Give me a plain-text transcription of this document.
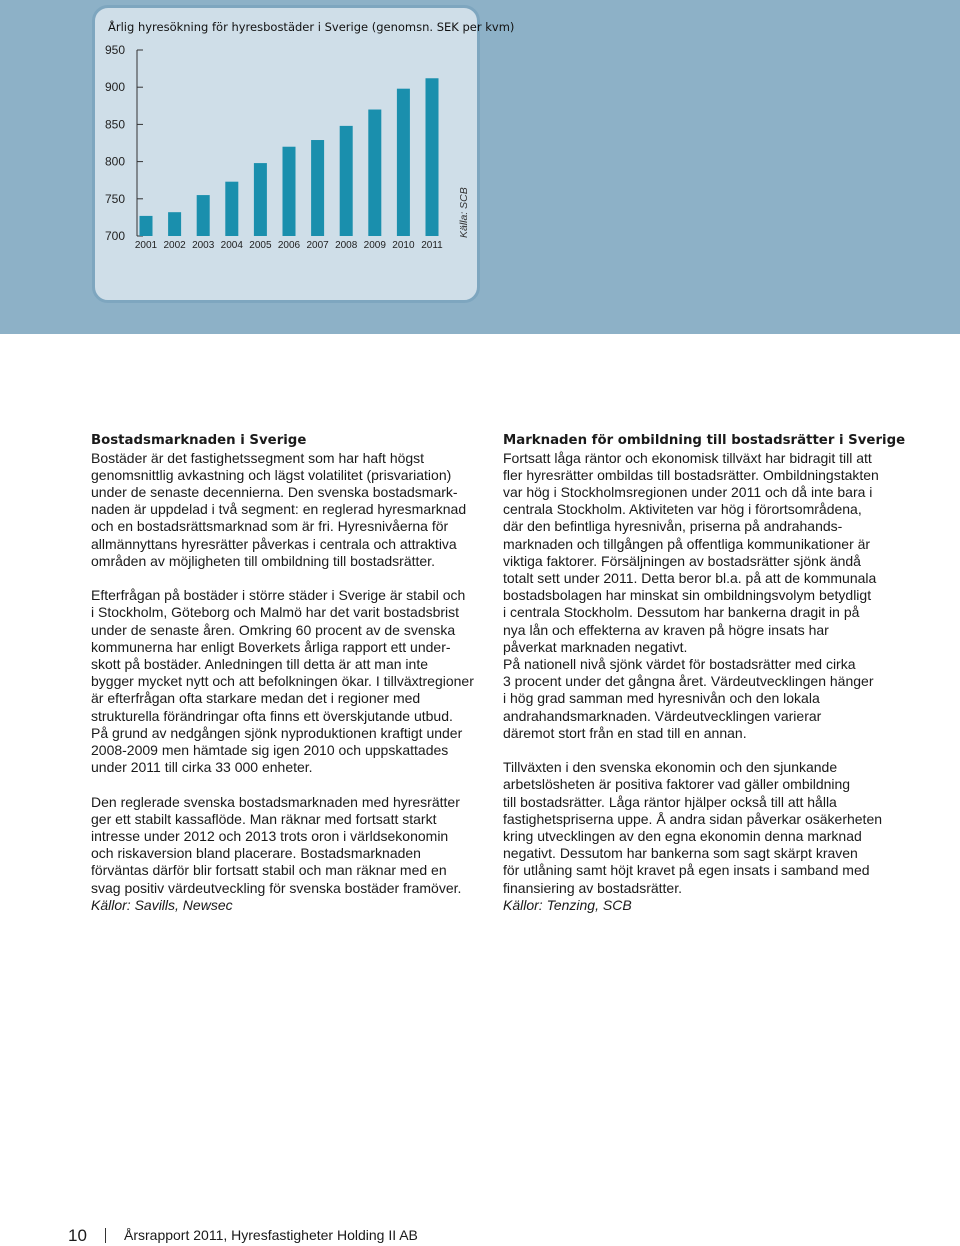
Årlig hyresökning för hyresbostäder i Sverige (genomsn. SEK per kvm)
950
900
850
800
750
700
2001 2002 2003 2004 2005 2006 2007 2008 2009 2010 2011
Källa: SCB
Bostadsmarknaden i Sverige
Bostäder är det fastighetssegment som har haft högst
genomsnittlig avkastning och lägst volatilitet (prisvariation)
under de senaste decennierna. Den svenska bostadsmark-
naden är uppdelad i två segment: en reglerad hyresmarknad
och en bostadsrättsmarknad som är fri. Hyresnivåerna för
allmännyttans hyresrätter påverkas i centrala och attraktiva
områden av möjligheten till ombildning till bostadsrätter.
Efterfrågan på bostäder i större städer i Sverige är stabil och
i Stockholm, Göteborg och Malmö har det varit bostadsbrist
under de senaste åren. Omkring 60 procent av de svenska
kommunerna har enligt Boverkets årliga rapport ett under-
skott på bostäder. Anledningen till detta är att man inte
bygger mycket nytt och att befolkningen ökar. I tillväxtregioner
är efterfrågan ofta starkare medan det i regioner med
strukturella förändringar ofta finns ett överskjutande utbud.
På grund av nedgången sjönk nyproduktionen kraftigt under
2008-2009 men hämtade sig igen 2010 och uppskattades
under 2011 till cirka 33 000 enheter.
Den reglerade svenska bostadsmarknaden med hyresrätter
ger ett stabilt kassaflöde. Man räknar med fortsatt starkt
intresse under 2012 och 2013 trots oron i världsekonomin
och riskaversion bland placerare. Bostadsmarknaden
förväntas därför blir fortsatt stabil och man räknar med en
svag positiv värdeutveckling för svenska bostäder framöver.
Källor: Savills, Newsec
Marknaden för ombildning till bostadsrätter i Sverige
Fortsatt låga räntor och ekonomisk tillväxt har bidragit till att
fler hyresrätter ombildas till bostadsrätter. Ombildningstakten
var hög i Stockholmsregionen under 2011 och då inte bara i
centrala Stockholm. Aktiviteten var hög i förortsområdena,
där den befintliga hyresnivån, priserna på andrahands-
marknaden och tillgången på offentliga kommunikationer är
viktiga faktorer. Försäljningen av bostadsrätter sjönk ändå
totalt sett under 2011. Detta beror bl.a. på att de kommunala
bostadsbolagen har minskat sin ombildningsvolym betydligt
i centrala Stockholm. Dessutom har bankerna dragit in på
nya lån och effekterna av kraven på högre insats har
påverkat marknaden negativt.
På nationell nivå sjönk värdet för bostadsrätter med cirka
3 procent under det gångna året. Värdeutvecklingen hänger
i hög grad samman med hyresnivån och den lokala
andrahandsmarknaden. Värdeutvecklingen varierar
däremot stort från en stad till en annan.
Tillväxten i den svenska ekonomin och den sjunkande
arbetslösheten är positiva faktorer vad gäller ombildning
till bostadsrätter. Låga räntor hjälper också till att hålla
fastighetspriserna uppe. Å andra sidan påverkar osäkerheten
kring utvecklingen av den egna ekonomin denna marknad
negativt. Dessutom har bankerna som sagt skärpt kraven
för utlåning samt höjt kravet på egen insats i samband med
finansiering av bostadsrätter.
Källor: Tenzing, SCB
10	Årsrapport 2011, Hyresfastigheter Holding II AB
